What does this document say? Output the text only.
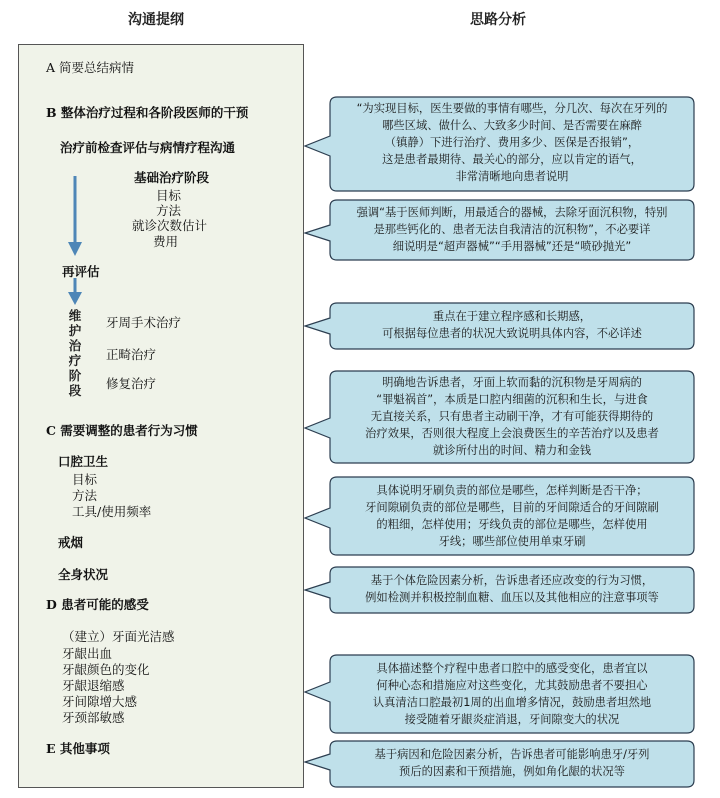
沟通提纲	思路分析
A 简要总结病情
B 整体治疗过程和各阶段医师的干预
治疗前检查评估与病情疗程沟通
基础治疗阶段
目标
方法
就诊次数估计
费用
再评估
维
护
治
疗
阶
段
牙周手术治疗
正畸治疗
修复治疗
C 需要调整的患者行为习惯
口腔卫生
目标
方法
工具/使用频率
戒烟
全身状况
D 患者可能的感受
（建立）牙面光洁感
牙龈出血
牙龈颜色的变化
牙龈退缩感
牙间隙增大感
牙颈部敏感
E 其他事项
“为实现目标，医生要做的事情有哪些，分几次、每次在牙列的
哪些区域、做什么、大致多少时间、是否需要在麻醉
（镇静）下进行治疗、费用多少、医保是否报销”，
这是患者最期待、最关心的部分，应以肯定的语气，
非常清晰地向患者说明
强调“基于医师判断，用最适合的器械，去除牙面沉积物，特别
是那些钙化的、患者无法自我清洁的沉积物”，不必要详
细说明是“超声器械”“手用器械”还是“喷砂抛光”
重点在于建立程序感和长期感，
可根据每位患者的状况大致说明具体内容，不必详述
明确地告诉患者，牙面上软而黏的沉积物是牙周病的
“罪魁祸首”，本质是口腔内细菌的沉积和生长，与进食
无直接关系，只有患者主动刷干净，才有可能获得期待的
治疗效果，否则很大程度上会浪费医生的辛苦治疗以及患者
就诊所付出的时间、精力和金钱
具体说明牙刷负责的部位是哪些，怎样判断是否干净；
牙间隙刷负责的部位是哪些，目前的牙间隙适合的牙间隙刷
的粗细，怎样使用；牙线负责的部位是哪些，怎样使用
牙线；哪些部位使用单束牙刷
基于个体危险因素分析，告诉患者还应改变的行为习惯，
例如检测并积极控制血糖、血压以及其他相应的注意事项等
具体描述整个疗程中患者口腔中的感受变化，患者宜以
何种心态和措施应对这些变化，尤其鼓励患者不要担心
认真清洁口腔最初1周的出血增多情况，鼓励患者坦然地
接受随着牙龈炎症消退，牙间隙变大的状况
基于病因和危险因素分析，告诉患者可能影响患牙/牙列
预后的因素和干预措施，例如角化龈的状况等
